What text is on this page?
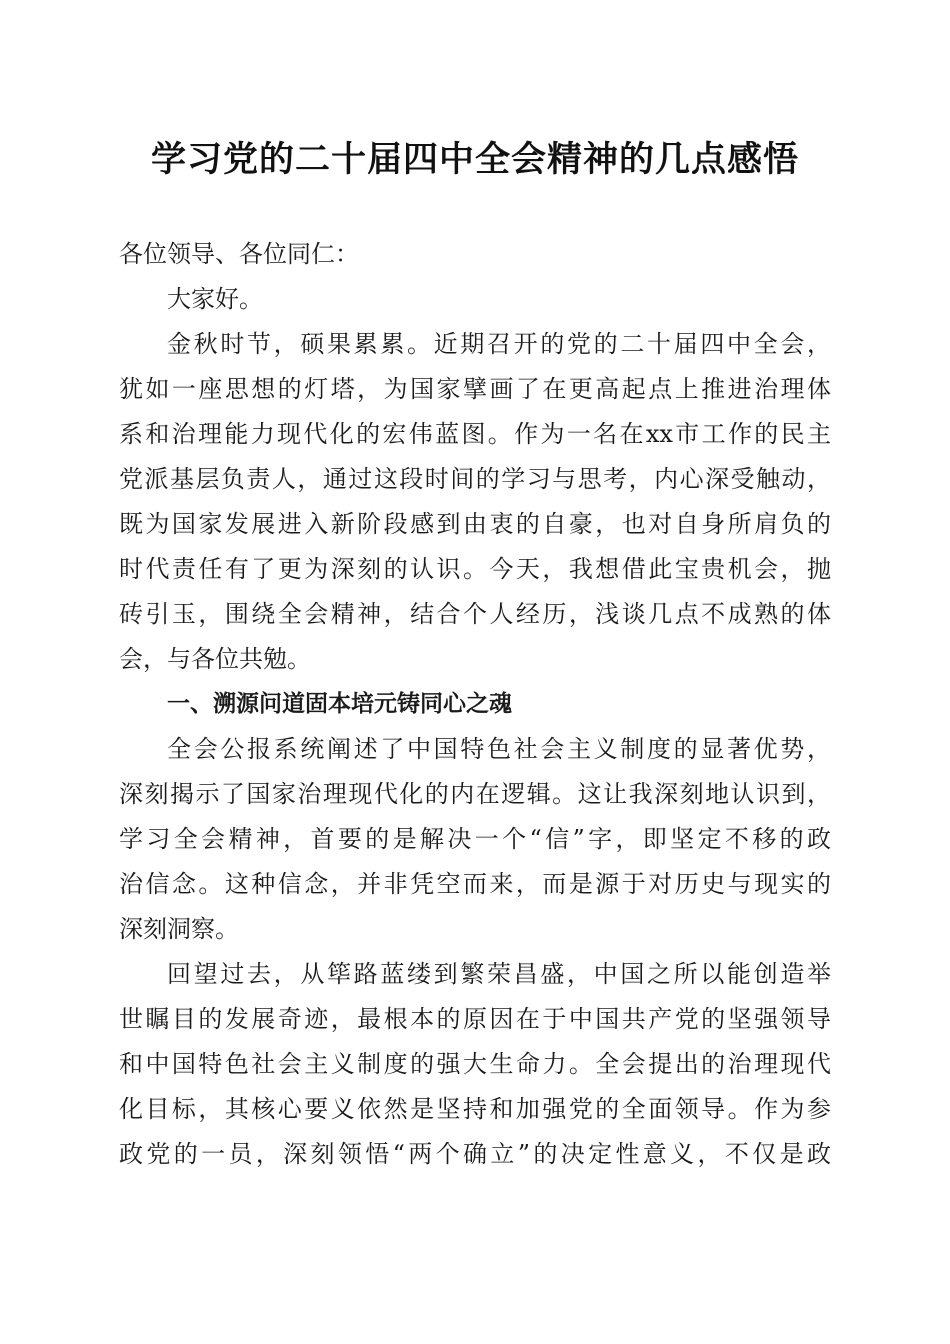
学习党的二十届四中全会精神的几点感悟

各位领导、各位同仁：

大家好。

金秋时节，硕果累累。近期召开的党的二十届四中全会，

犹如一座思想的灯塔，为国家擘画了在更高起点上推进治理体

系和治理能力现代化的宏伟蓝图。作为一名在xx市工作的民主

党派基层负责人，通过这段时间的学习与思考，内心深受触动，

既为国家发展进入新阶段感到由衷的自豪，也对自身所肩负的

时代责任有了更为深刻的认识。今天，我想借此宝贵机会，抛

砖引玉，围绕全会精神，结合个人经历，浅谈几点不成熟的体

会，与各位共勉。

一、溯源问道固本培元铸同心之魂

全会公报系统阐述了中国特色社会主义制度的显著优势，

深刻揭示了国家治理现代化的内在逻辑。这让我深刻地认识到，

学习全会精神，首要的是解决一个“信”字，即坚定不移的政

治信念。这种信念，并非凭空而来，而是源于对历史与现实的

深刻洞察。

回望过去，从筚路蓝缕到繁荣昌盛，中国之所以能创造举

世瞩目的发展奇迹，最根本的原因在于中国共产党的坚强领导

和中国特色社会主义制度的强大生命力。全会提出的治理现代

化目标，其核心要义依然是坚持和加强党的全面领导。作为参

政党的一员，深刻领悟“两个确立”的决定性意义，不仅是政
